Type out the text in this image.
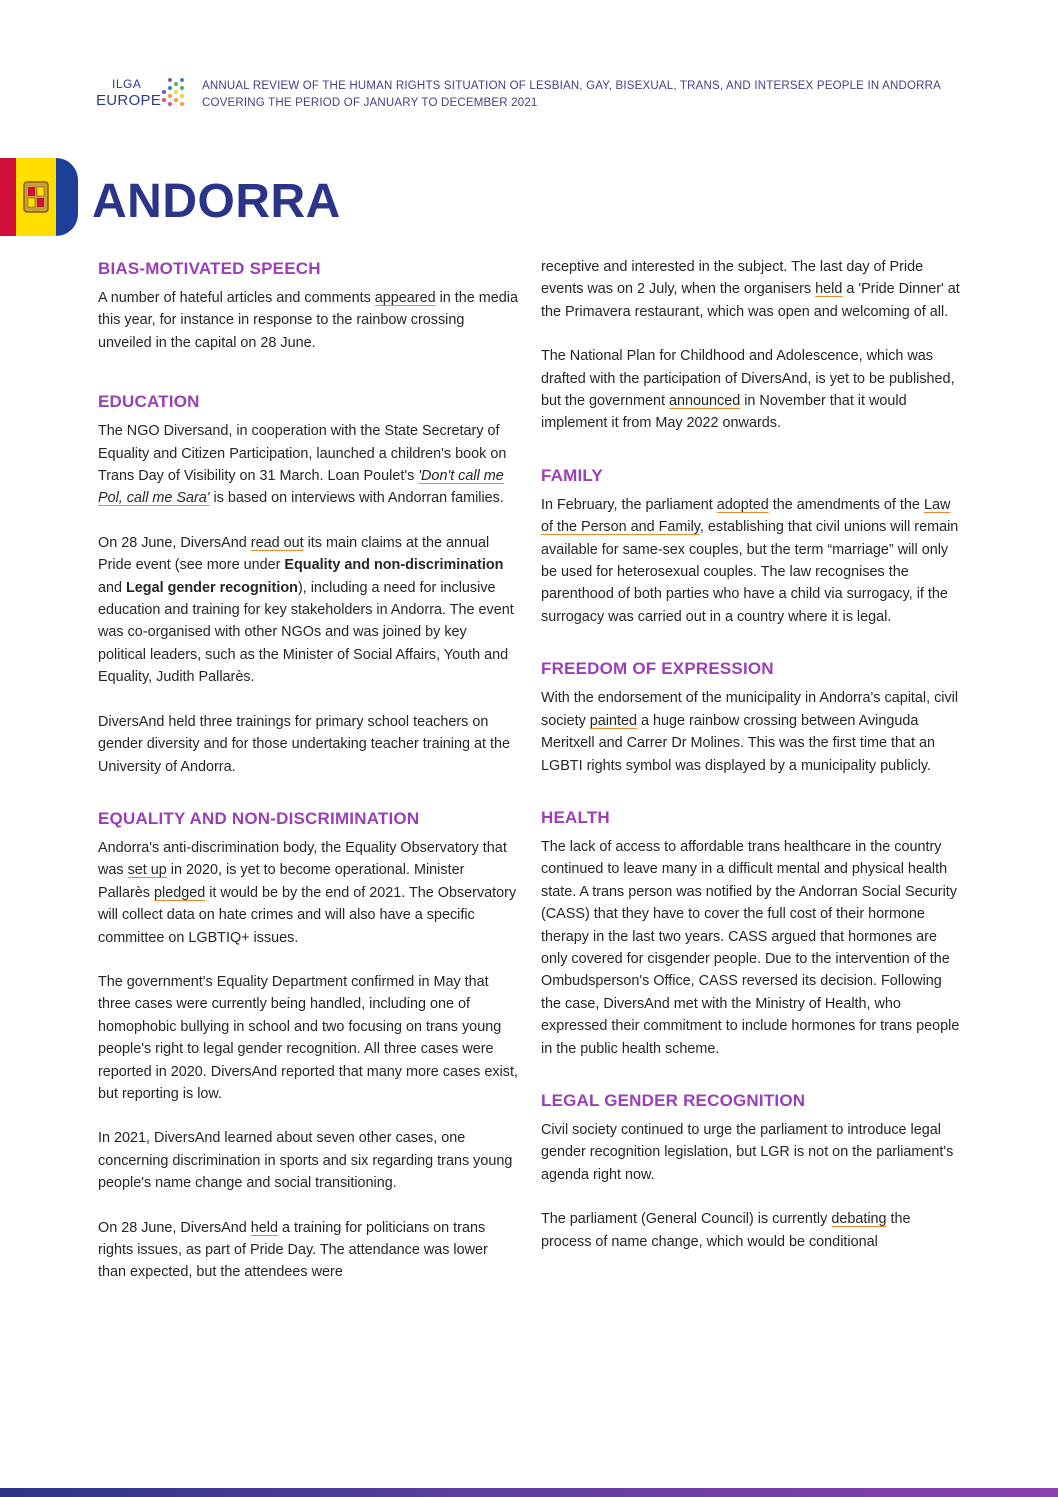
ILGA
EUROPE
ANNUAL REVIEW OF THE HUMAN RIGHTS SITUATION OF LESBIAN, GAY, BISEXUAL, TRANS, AND INTERSEX PEOPLE IN ANDORRA
COVERING THE PERIOD OF JANUARY TO DECEMBER 2021
ANDORRA
BIAS-MOTIVATED SPEECH

A number of hateful articles and comments appeared in the media this year, for instance in response to the rainbow crossing unveiled in the capital on 28 June.

EDUCATION

The NGO Diversand, in cooperation with the State Secretary of Equality and Citizen Participation, launched a children's book on Trans Day of Visibility on 31 March. Loan Poulet's 'Don't call me Pol, call me Sara' is based on interviews with Andorran families.

On 28 June, DiversAnd read out its main claims at the annual Pride event (see more under Equality and non-discrimination and Legal gender recognition), including a need for inclusive education and training for key stakeholders in Andorra. The event was co-organised with other NGOs and was joined by key political leaders, such as the Minister of Social Affairs, Youth and Equality, Judith Pallarès.

DiversAnd held three trainings for primary school teachers on gender diversity and for those undertaking teacher training at the University of Andorra.

EQUALITY AND NON-DISCRIMINATION

Andorra's anti-discrimination body, the Equality Observatory that was set up in 2020, is yet to become operational. Minister Pallarès pledged it would be by the end of 2021. The Observatory will collect data on hate crimes and will also have a specific committee on LGBTIQ+ issues.

The government's Equality Department confirmed in May that three cases were currently being handled, including one of homophobic bullying in school and two focusing on trans young people's right to legal gender recognition. All three cases were reported in 2020. DiversAnd reported that many more cases exist, but reporting is low.

In 2021, DiversAnd learned about seven other cases, one concerning discrimination in sports and six regarding trans young people's name change and social transitioning.

On 28 June, DiversAnd held a training for politicians on trans rights issues, as part of Pride Day. The attendance was lower than expected, but the attendees were

receptive and interested in the subject. The last day of Pride events was on 2 July, when the organisers held a 'Pride Dinner' at the Primavera restaurant, which was open and welcoming of all.

The National Plan for Childhood and Adolescence, which was drafted with the participation of DiversAnd, is yet to be published, but the government announced in November that it would implement it from May 2022 onwards.

FAMILY

In February, the parliament adopted the amendments of the Law of the Person and Family, establishing that civil unions will remain available for same-sex couples, but the term “marriage” will only be used for heterosexual couples. The law recognises the parenthood of both parties who have a child via surrogacy, if the surrogacy was carried out in a country where it is legal.

FREEDOM OF EXPRESSION

With the endorsement of the municipality in Andorra's capital, civil society painted a huge rainbow crossing between Avinguda Meritxell and Carrer Dr Molines. This was the first time that an LGBTI rights symbol was displayed by a municipality publicly.

HEALTH

The lack of access to affordable trans healthcare in the country continued to leave many in a difficult mental and physical health state. A trans person was notified by the Andorran Social Security (CASS) that they have to cover the full cost of their hormone therapy in the last two years. CASS argued that hormones are only covered for cisgender people. Due to the intervention of the Ombudsperson's Office, CASS reversed its decision. Following the case, DiversAnd met with the Ministry of Health, who expressed their commitment to include hormones for trans people in the public health scheme.

LEGAL GENDER RECOGNITION

Civil society continued to urge the parliament to introduce legal gender recognition legislation, but LGR is not on the parliament's agenda right now.

The parliament (General Council) is currently debating the process of name change, which would be conditional
